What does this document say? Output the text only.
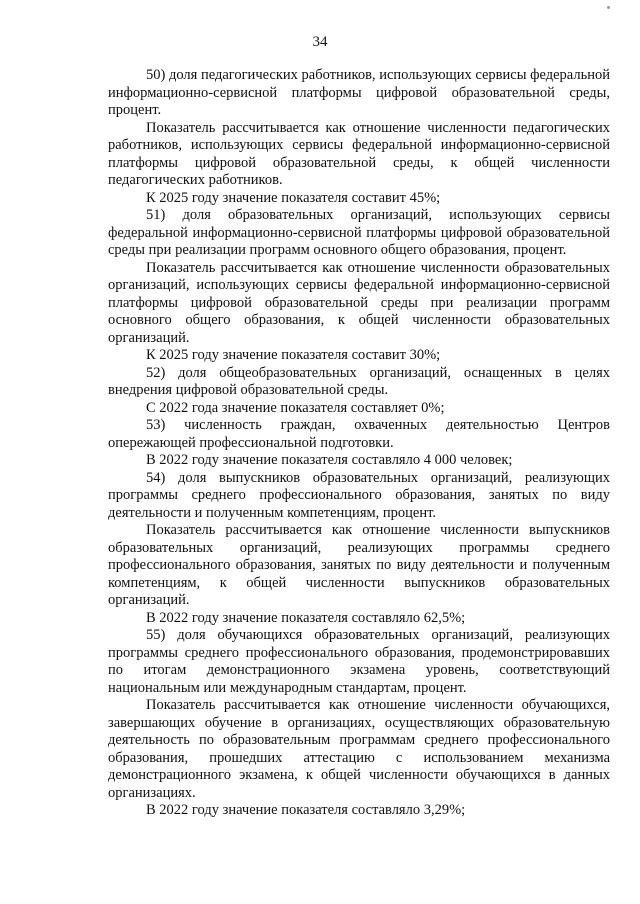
34

50) доля педагогических работников, использующих сервисы федеральной информационно-сервисной платформы цифровой образовательной среды, процент.

Показатель рассчитывается как отношение численности педагогических работников, использующих сервисы федеральной информационно-сервисной платформы цифровой образовательной среды, к общей численности педагогических работников.

К 2025 году значение показателя составит 45%;

51) доля образовательных организаций, использующих сервисы федеральной информационно-сервисной платформы цифровой образовательной среды при реализации программ основного общего образования, процент.

Показатель рассчитывается как отношение численности образовательных организаций, использующих сервисы федеральной информационно-сервисной платформы цифровой образовательной среды при реализации программ основного общего образования, к общей численности образовательных организаций.

К 2025 году значение показателя составит 30%;

52) доля общеобразовательных организаций, оснащенных в целях внедрения цифровой образовательной среды.

С 2022 года значение показателя составляет 0%;

53) численность граждан, охваченных деятельностью Центров опережающей профессиональной подготовки.

В 2022 году значение показателя составляло 4 000 человек;

54) доля выпускников образовательных организаций, реализующих программы среднего профессионального образования, занятых по виду деятельности и полученным компетенциям, процент.

Показатель рассчитывается как отношение численности выпускников образовательных организаций, реализующих программы среднего профессионального образования, занятых по виду деятельности и полученным компетенциям, к общей численности выпускников образовательных организаций.

В 2022 году значение показателя составляло 62,5%;

55) доля обучающихся образовательных организаций, реализующих программы среднего профессионального образования, продемонстрировавших по итогам демонстрационного экзамена уровень, соответствующий национальным или международным стандартам, процент.

Показатель рассчитывается как отношение численности обучающихся, завершающих обучение в организациях, осуществляющих образовательную деятельность по образовательным программам среднего профессионального образования, прошедших аттестацию с использованием механизма демонстрационного экзамена, к общей численности обучающихся в данных организациях.

В 2022 году значение показателя составляло 3,29%;
